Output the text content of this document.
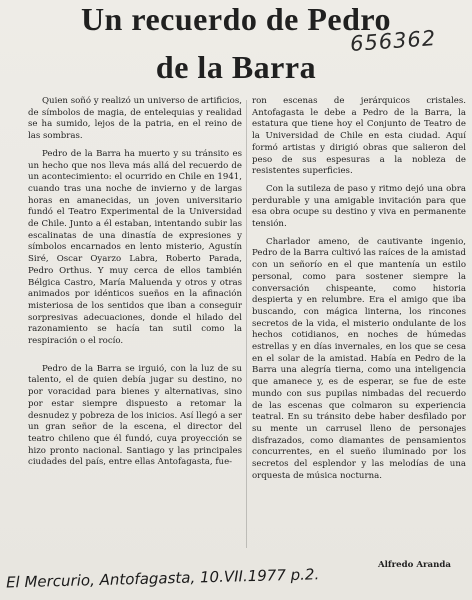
Un recuerdo de Pedro
de la Barra
656362

Quien soñó y realizó un universo de artificios, de símbolos de magia, de entelequias y realidad se ha sumido, lejos de la patria, en el reino de las sombras.

Pedro de la Barra ha muerto y su tránsito es un hecho que nos lleva más allá del recuerdo de un acontecimiento: el ocurrido en Chile en 1941, cuando tras una noche de invierno y de largas horas en amanecidas, un joven universitario fundó el Teatro Experimental de la Universidad de Chile. Junto a él estaban, intentando subir las escalinatas de una dinastía de expresiones y símbolos encarnados en lento misterio, Agustín Siré, Oscar Oyarzo Labra, Roberto Parada, Pedro Orthus. Y muy cerca de ellos también Bélgica Castro, María Maluenda y otros y otras animados por idénticos sueños en la afinación misteriosa de los sentidos que iban a conseguir sorpresivas adecuaciones, donde el hilado del razonamiento se hacía tan sutil como la respiración o el rocío.

Pedro de la Barra se irguió, con la luz de su talento, el de quien debía jugar su destino, no por voracidad para bienes y alternativas, sino por estar siempre dispuesto a retomar la desnudez y pobreza de los inicios. Así llegó a ser un gran señor de la escena, el director del teatro chileno que él fundó, cuya proyección se hizo pronto nacional. Santiago y las principales ciudades del país, entre ellas Antofagasta, fue-

ron escenas de jerárquicos cristales. Antofagasta le debe a Pedro de la Barra, la estatura que tiene hoy el Conjunto de Teatro de la Universidad de Chile en esta ciudad. Aquí formó artistas y dirigió obras que salieron del peso de sus espesuras a la nobleza de resistentes superficies.

Con la sutileza de paso y ritmo dejó una obra perdurable y una amigable invitación para que esa obra ocupe su destino y viva en permanente tensión.

Charlador ameno, de cautivante ingenio, Pedro de la Barra cultivó las raíces de la amistad con un señorío en el que mantenía un estilo personal, como para sostener siempre la conversación chispeante, como historia despierta y en relumbre. Era el amigo que iba buscando, con mágica linterna, los rincones secretos de la vida, el misterio ondulante de los hechos cotidianos, en noches de húmedas estrellas y en días invernales, en los que se cesa en el solar de la amistad. Había en Pedro de la Barra una alegría tierna, como una inteligencia que amanece y, es de esperar, se fue de este mundo con sus pupilas nimbadas del recuerdo de las escenas que colmaron su experiencia teatral. En su tránsito debe haber desfilado por su mente un carrusel lleno de personajes disfrazados, como diamantes de pensamientos concurrentes, en el sueño iluminado por los secretos del esplendor y las melodías de una orquesta de música nocturna.

Alfredo Aranda
El Mercurio, Antofagasta, 10.VII.1977 p.2.
